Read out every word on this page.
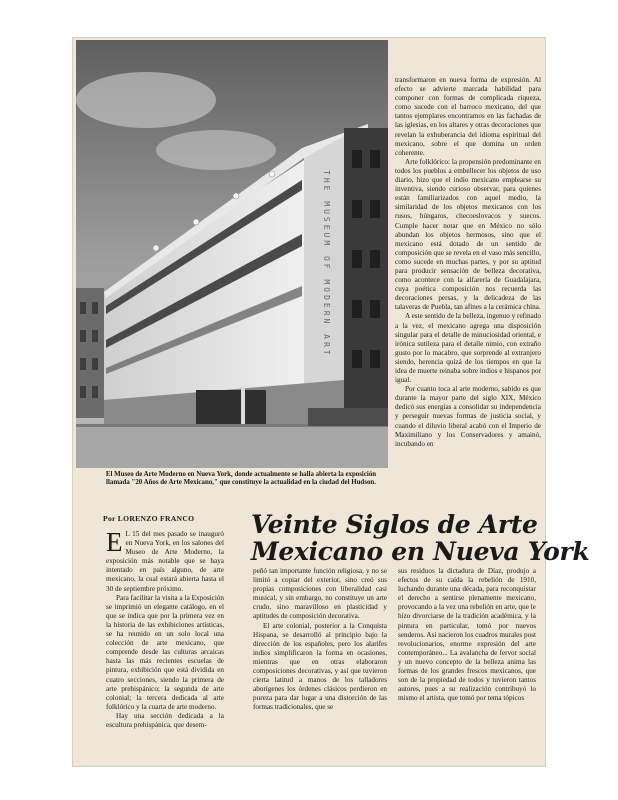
THE MUSEUM OF MODERN ART

transformaron en nueva forma de expresión. Al efecto se advierte marcada habilidad para componer con formas de complicada riqueza, como sucede con el barroco mexicano, del que tantos ejemplares encontramos en las fachadas de las iglesias, en los altares y otras decoraciones que revelan la exhuberancia del idioma espiritual del mexicano, sobre el que domina un orden coherente.

Arte folklórico: la propensión predominante en todos los pueblos a embellecer los objetos de uso diario, hizo que el indio mexicano emplearse su inventiva, siendo curioso observar, para quienes están familiarizados con aquel medio, la similaridad de los objetos mexicanos con los rusos, húngaros, checoeslovacos y suecos. Cumple hacer notar que en México no sólo abundan los objetos hermosos, sino que el mexicano está dotado de un sentido de composición que se revela en el vaso más sencillo, como sucede en muchas partes, y por su aptitud para producir sensación de belleza decorativa, como acontece con la alfarería de Guadalajara, cuya poética composición nos recuerda las decoraciones persas, y la delicadeza de las talaveras de Puebla, tan afines a la cerámica china.

A este sentido de la belleza, ingenuo y refinado a la vez, el mexicano agrega una disposición singular para el detalle de minuciosidad oriental, e irónica sutileza para el detalle nimio, con extraño gusto por lo macabro, que sorprende al extranjero siendo, herencia quizá de los tiempos en que la idea de muerte reinaba sobre indios e hispanos por igual.

Por cuanto toca al arte moderno, sabido es que durante la mayor parte del siglo XIX, México dedicó sus energías a consolidar su independencia y perseguir nuevas formas de justicia social, y cuando el diluvio liberal acabó con el Imperio de Maximiliano y los Conservadores y amainó, incubando en

El Museo de Arte Moderno en Nueva York, donde actualmente se halla abierta la exposición llamada "20 Años de Arte Mexicano," que constituye la actualidad en la ciudad del Hudson.
Por LORENZO FRANCO	Veinte Siglos de Arte
Mexicano en Nueva York

E L 15 del mes pasado se inauguró en Nueva York, en los salones del Museo de Arte Moderno, la exposición más notable que se haya intentado en país alguno, de arte mexicano, la cual estará abierta hasta el 30 de septiembre próximo.

Para facilitar la visita a la Exposición se imprimió un elegante catálogo, en el que se indica que por la primera vez en la historia de las exhibiciones artísticas, se ha reunido en un solo local una colección de arte mexicano, que comprende desde las culturas arcaicas hasta las más recientes escuelas de pintura, exhibición que está dividida en cuatro secciones, siendo la primera de arte prehispánico; la segunda de arte colonial; la tercera dedicada al arte folklórico y la cuarta de arte moderno.

Hay una sección dedicada a la escultura prehispánica, que desem-

peñó tan importante función religiosa, y no se limitó a copiar del exterior, sino creó sus propias composiciones con liberalidad casi musical, y sin embargo, no constituye un arte crudo, sino maravilloso en plasticidad y aptitudes de composición decorativa.

El arte colonial, posterior a la Conquista Hispana, se desarrolló al principio bajo la dirección de los españoles, pero los alarifes indios simplificaron la forma en ocasiones, mientras que en otras elaboraron composiciones decorativas, y así que tuvieron cierta latitud a manos de los talladores aborígenes los órdenes clásicos perdieron en pureza para dar lugar a una distorción de las formas tradicionales, que se

sus residuos la dictadura de Díaz, produjo a efectos de su caída la rebelión de 1910, luchando durante una década, para reconquistar el derecho a sentirse plenamente mexicano, provocando a la vez una rebelión en arte, que le hizo divorciarse de la tradición académica, y la pintura en particular, tomó por nuevos senderos. Así nacieron los cuadros murales post revolucionarios, enorme expresión del arte contemporáneo... La avalancha de fervor social y un nuevo concepto de la belleza anima las formas de los grandes frescos mexicanos, que son de la propiedad de todos y tuvieron tantos autores, pues a su realización contribuyó lo mismo el artista, que tomó por tema tópicos
